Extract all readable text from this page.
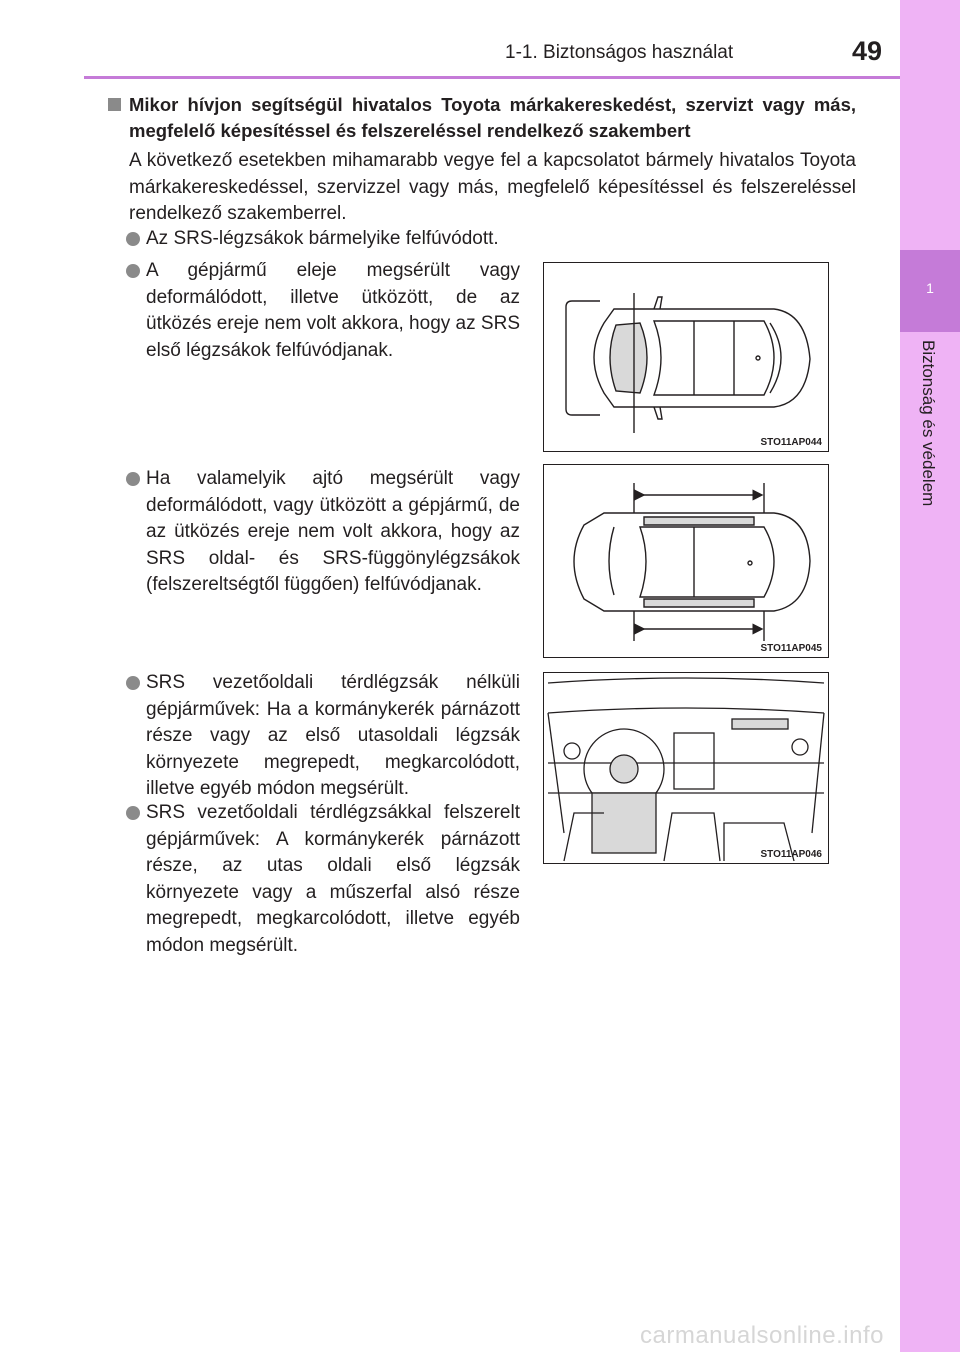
1-1. Biztonságos használat	49
1
Biztonság és védelem
Mikor hívjon segítségül hivatalos Toyota márkakereskedést, szervizt vagy más, megfelelő képesítéssel és felszereléssel rendelkező szakembert
A következő esetekben mihamarabb vegye fel a kapcsolatot bármely hivatalos Toyota márkakereskedéssel, szervizzel vagy más, megfelelő képesítéssel és felszereléssel rendelkező szakemberrel.
Az SRS-légzsákok bármelyike felfúvódott.
A gépjármű eleje megsérült vagy deformálódott, illetve ütközött, de az ütközés ereje nem volt akkora, hogy az SRS első légzsákok felfúvódjanak.
Ha valamelyik ajtó megsérült vagy deformálódott, vagy ütközött a gépjármű, de az ütközés ereje nem volt akkora, hogy az SRS oldal- és SRS-függönylégzsákok (felszereltségtől függően) felfúvódjanak.
SRS vezetőoldali térdlégzsák nélküli gépjárművek: Ha a kormánykerék párnázott része vagy az első utasoldali légzsák környezete megrepedt, megkarcolódott, illetve egyéb módon megsérült.
SRS vezetőoldali térdlégzsákkal felszerelt gépjárművek: A kormánykerék párnázott része, az utas oldali első légzsák környezete vagy a műszerfal alsó része megrepedt, megkarcolódott, illetve egyéb módon megsérült.
STO11AP044
STO11AP045
STO11AP046
carmanualsonline.info
